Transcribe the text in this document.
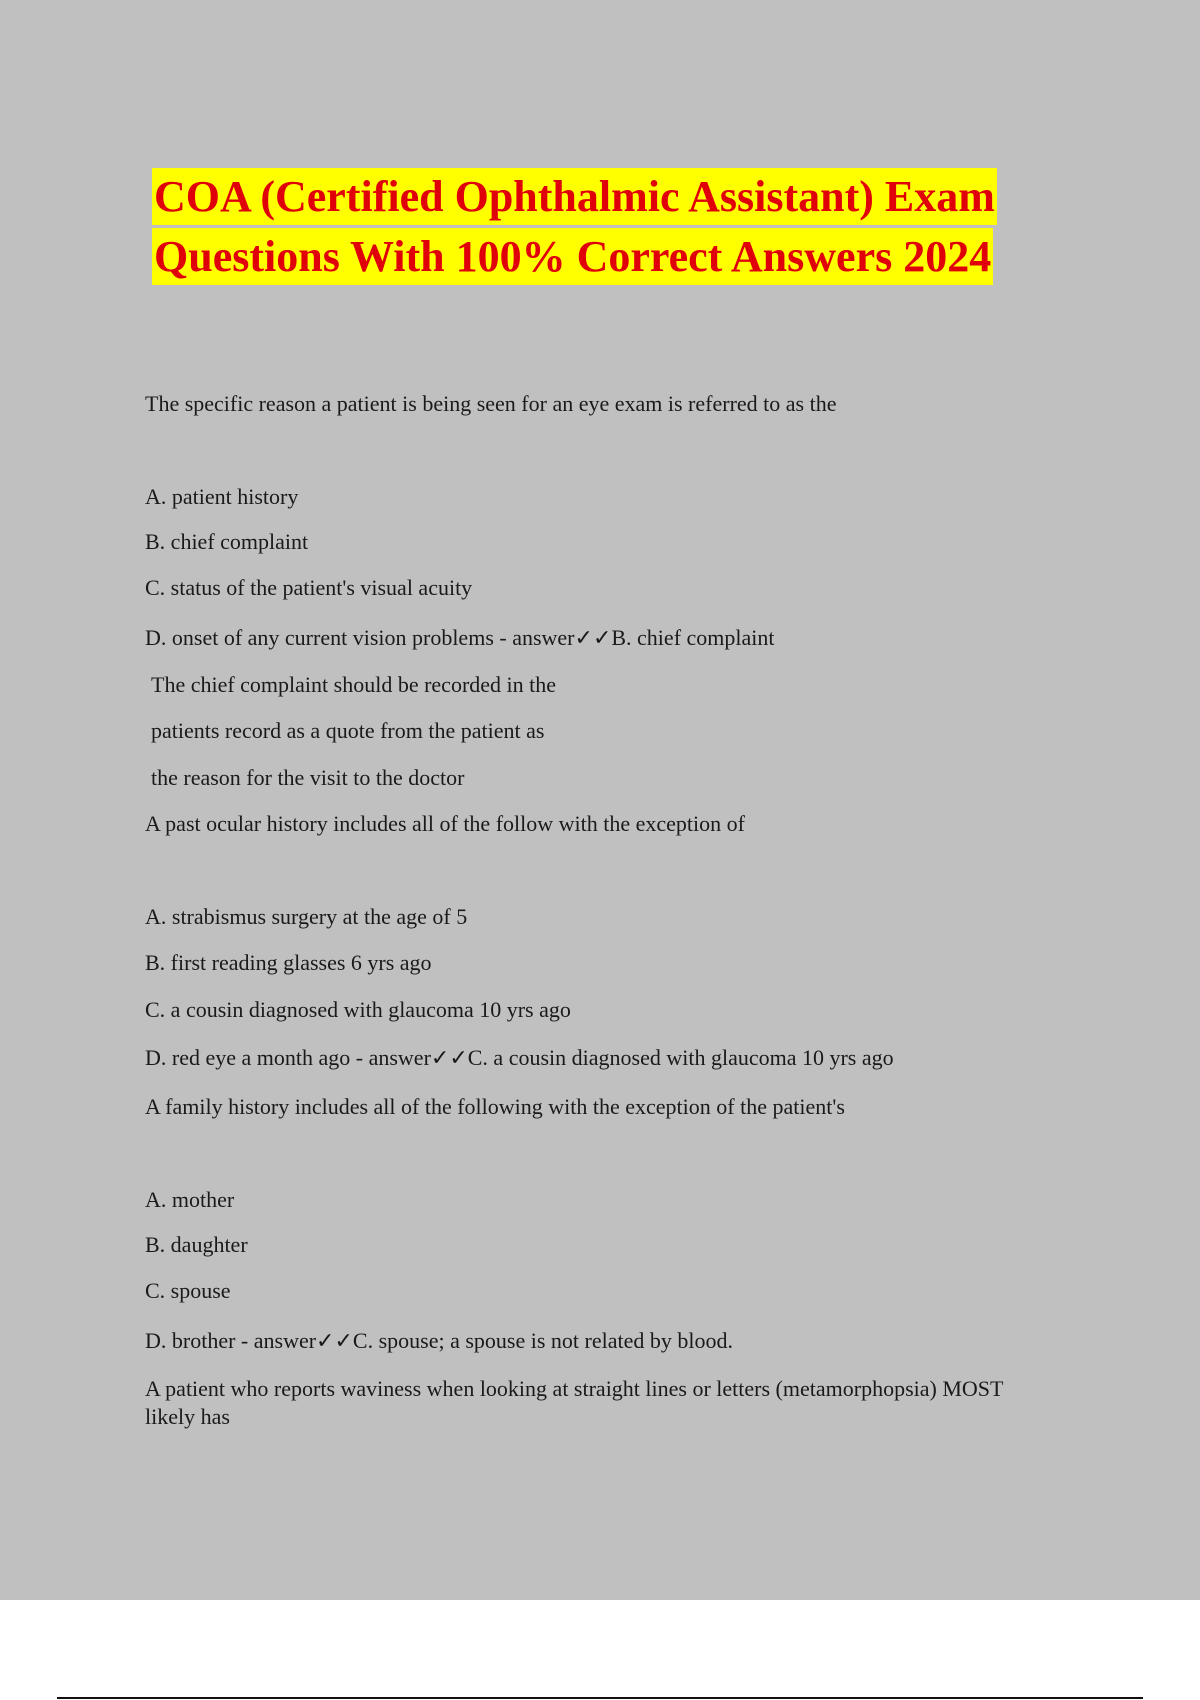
COA (Certified Ophthalmic Assistant) Exam
Questions With 100% Correct Answers 2024
The specific reason a patient is being seen for an eye exam is referred to as the
A. patient history
B. chief complaint
C. status of the patient's visual acuity
D. onset of any current vision problems - answer✓✓B. chief complaint
The chief complaint should be recorded in the
patients record as a quote from the patient as
the reason for the visit to the doctor
A past ocular history includes all of the follow with the exception of
A. strabismus surgery at the age of 5
B. first reading glasses 6 yrs ago
C. a cousin diagnosed with glaucoma 10 yrs ago
D. red eye a month ago - answer✓✓C. a cousin diagnosed with glaucoma 10 yrs ago
A family history includes all of the following with the exception of the patient's
A. mother
B. daughter
C. spouse
D. brother - answer✓✓C. spouse; a spouse is not related by blood.
A patient who reports waviness when looking at straight lines or letters (metamorphopsia) MOST likely has
